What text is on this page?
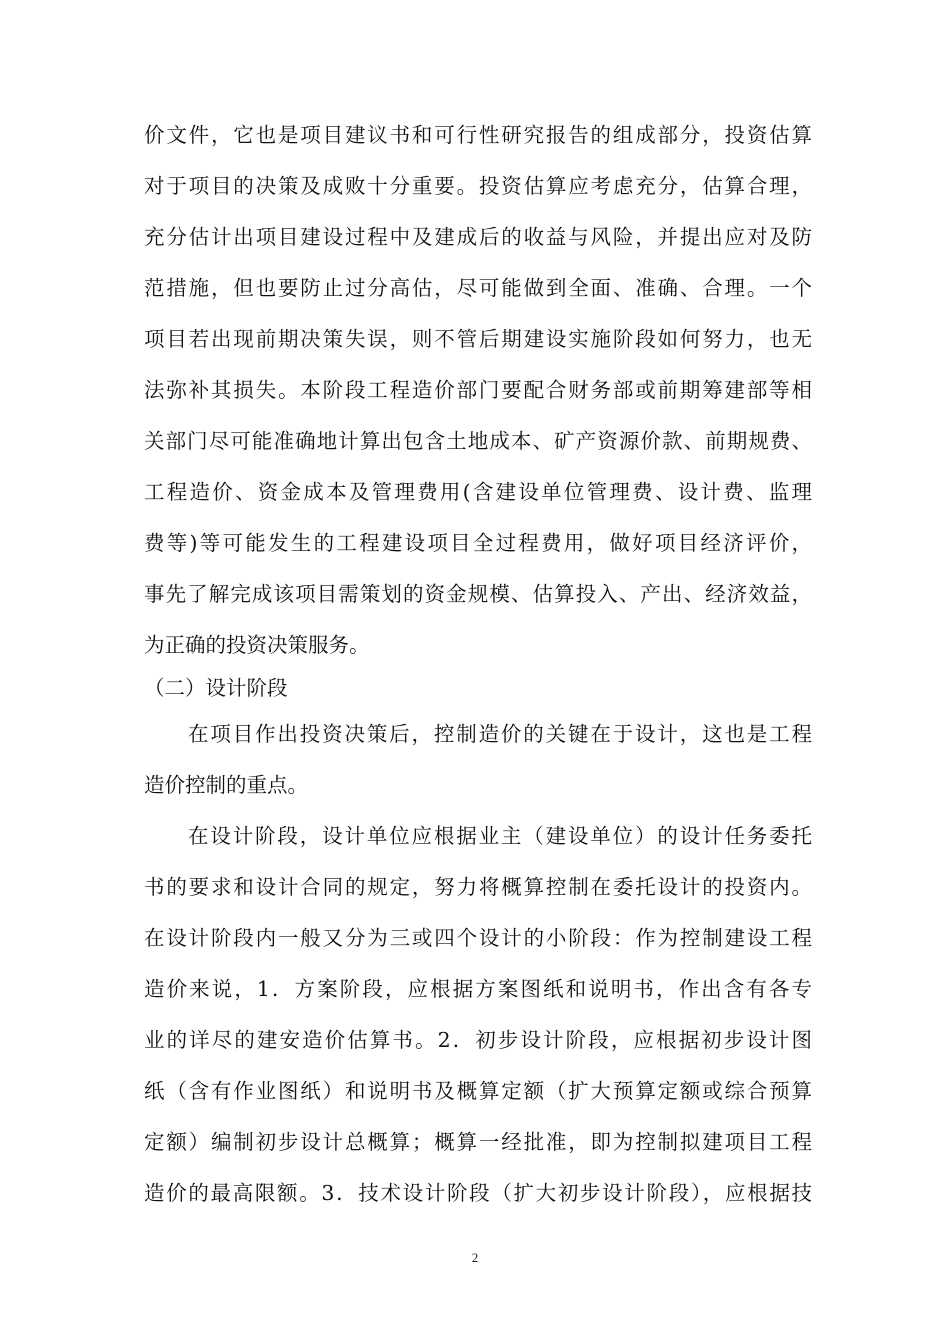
价文件，它也是项目建议书和可行性研究报告的组成部分，投资估算
对于项目的决策及成败十分重要。投资估算应考虑充分，估算合理，
充分估计出项目建设过程中及建成后的收益与风险，并提出应对及防
范措施，但也要防止过分高估，尽可能做到全面、准确、合理。一个
项目若出现前期决策失误，则不管后期建设实施阶段如何努力，也无
法弥补其损失。本阶段工程造价部门要配合财务部或前期筹建部等相
关部门尽可能准确地计算出包含土地成本、矿产资源价款、前期规费、
工程造价、资金成本及管理费用(含建设单位管理费、设计费、监理
费等)等可能发生的工程建设项目全过程费用，做好项目经济评价，
事先了解完成该项目需策划的资金规模、估算投入、产出、经济效益，
为正确的投资决策服务。
（二）设计阶段
在项目作出投资决策后，控制造价的关键在于设计，这也是工程
造价控制的重点。
在设计阶段，设计单位应根据业主（建设单位）的设计任务委托
书的要求和设计合同的规定，努力将概算控制在委托设计的投资内。
在设计阶段内一般又分为三或四个设计的小阶段：作为控制建设工程
造价来说，1．方案阶段，应根据方案图纸和说明书，作出含有各专
业的详尽的建安造价估算书。2．初步设计阶段，应根据初步设计图
纸（含有作业图纸）和说明书及概算定额（扩大预算定额或综合预算
定额）编制初步设计总概算；概算一经批准，即为控制拟建项目工程
造价的最高限额。3．技术设计阶段（扩大初步设计阶段），应根据技
2
